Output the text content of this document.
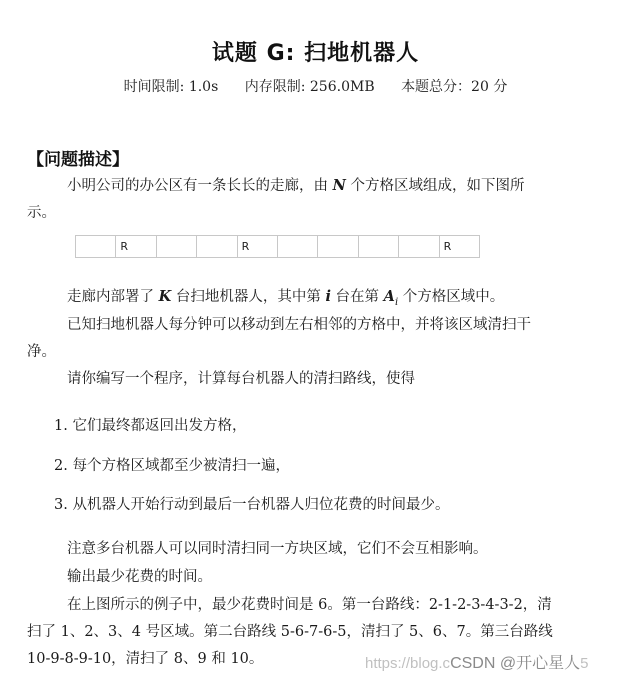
试题 G: 扫地机器人
时间限制: 1.0s 内存限制: 256.0MB 本题总分：20 分
【问题描述】
小明公司的办公区有一条长长的走廊，由 N 个方格区域组成，如下图所
示。
R	R	R
走廊内部署了 K 台扫地机器人，其中第 i 台在第 $A_i$ 个方格区域中。
已知扫地机器人每分钟可以移动到左右相邻的方格中，并将该区域清扫干
净。
请你编写一个程序，计算每台机器人的清扫路线，使得
1. 它们最终都返回出发方格，
2. 每个方格区域都至少被清扫一遍，
3. 从机器人开始行动到最后一台机器人归位花费的时间最少。
注意多台机器人可以同时清扫同一方块区域，它们不会互相影响。
输出最少花费的时间。
在上图所示的例子中，最少花费时间是 6。第一台路线：2-1-2-3-4-3-2，清
扫了 1、2、3、4 号区域。第二台路线 5-6-7-6-5，清扫了 5、6、7。第三台路线
10-9-8-9-10，清扫了 8、9 和 10。	https://blog.cCSDN @开心星人5
